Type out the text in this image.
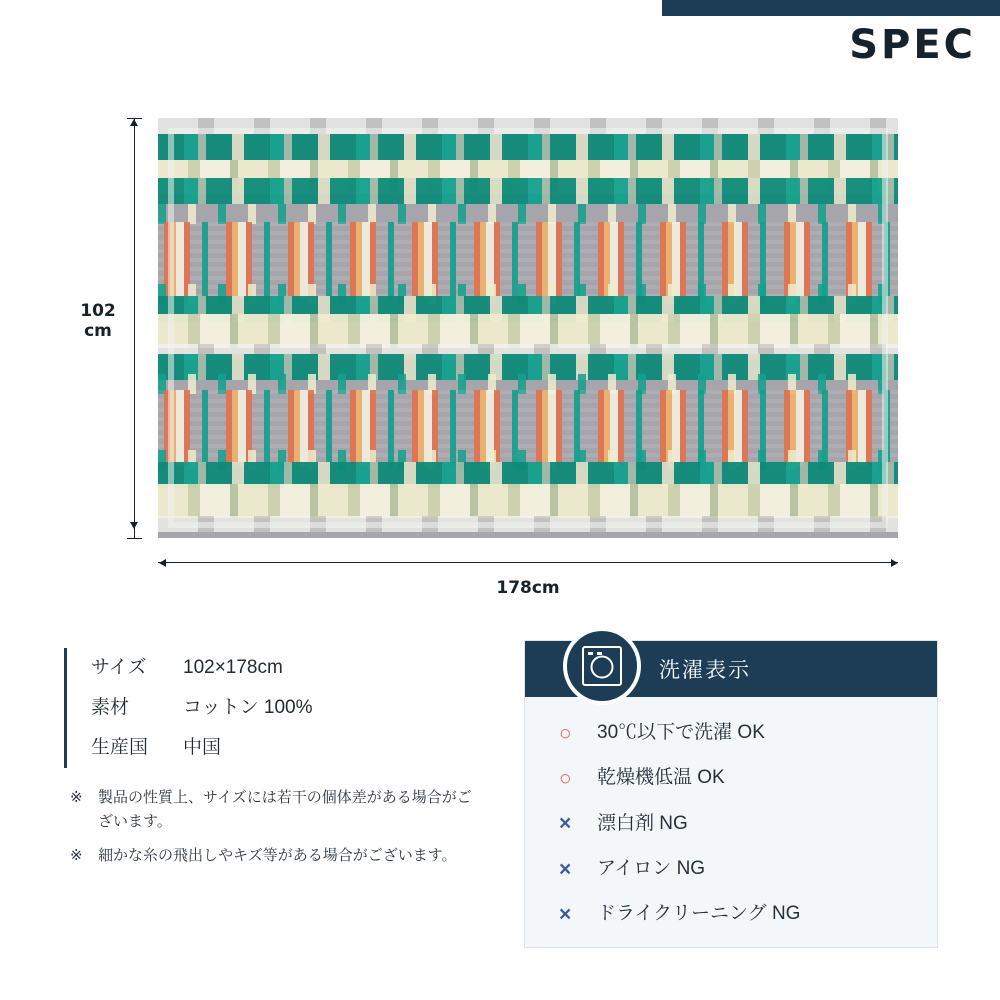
SPEC
102
cm
178cm
サイズ	102×178cm
素材	コットン 100%
生産国	中国
※	製品の性質上、サイズには若干の個体差がある場合がございます。
※	細かな糸の飛出しやキズ等がある場合がございます。
洗濯表示
○	30℃以下で洗濯 OK
○	乾燥機低温 OK
×	漂白剤 NG
×	アイロン NG
×	ドライクリーニング NG
